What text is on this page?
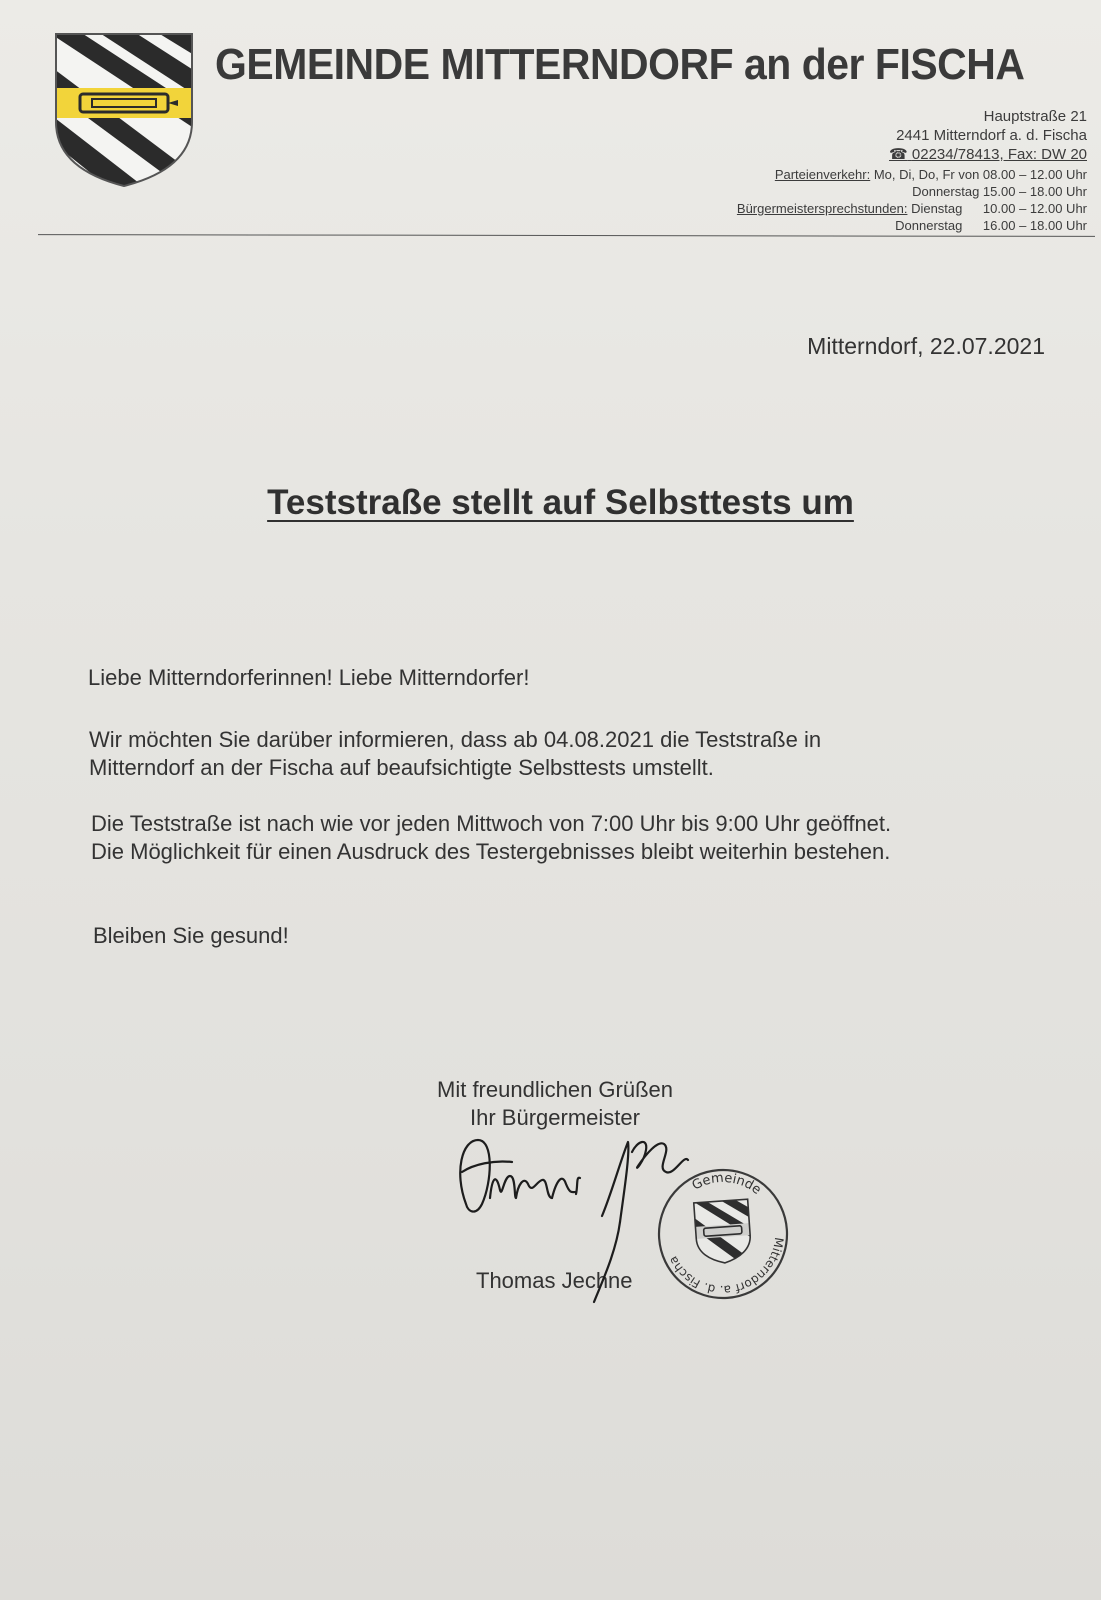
GEMEINDE MITTERNDORF an der FISCHA
Hauptstraße 21
2441 Mitterndorf a. d. Fischa
☎ 02234/78413, Fax: DW 20
Parteienverkehr: Mo, Di, Do, Fr von 08.00 – 12.00 Uhr
Donnerstag 15.00 – 18.00 Uhr
Bürgermeistersprechstunden: Dienstag 10.00 – 12.00 Uhr
Donnerstag 16.00 – 18.00 Uhr
Mitterndorf, 22.07.2021
Teststraße stellt auf Selbsttests um
Liebe Mitterndorferinnen! Liebe Mitterndorfer!
Wir möchten Sie darüber informieren, dass ab 04.08.2021 die Teststraße in
Mitterndorf an der Fischa auf beaufsichtigte Selbsttests umstellt.
Die Teststraße ist nach wie vor jeden Mittwoch von 7:00 Uhr bis 9:00 Uhr geöffnet.
Die Möglichkeit für einen Ausdruck des Testergebnisses bleibt weiterhin bestehen.
Bleiben Sie gesund!
Mit freundlichen Grüßen
Ihr Bürgermeister
Gemeinde
Mitterndorf a. d. Fischa
Thomas Jechne
